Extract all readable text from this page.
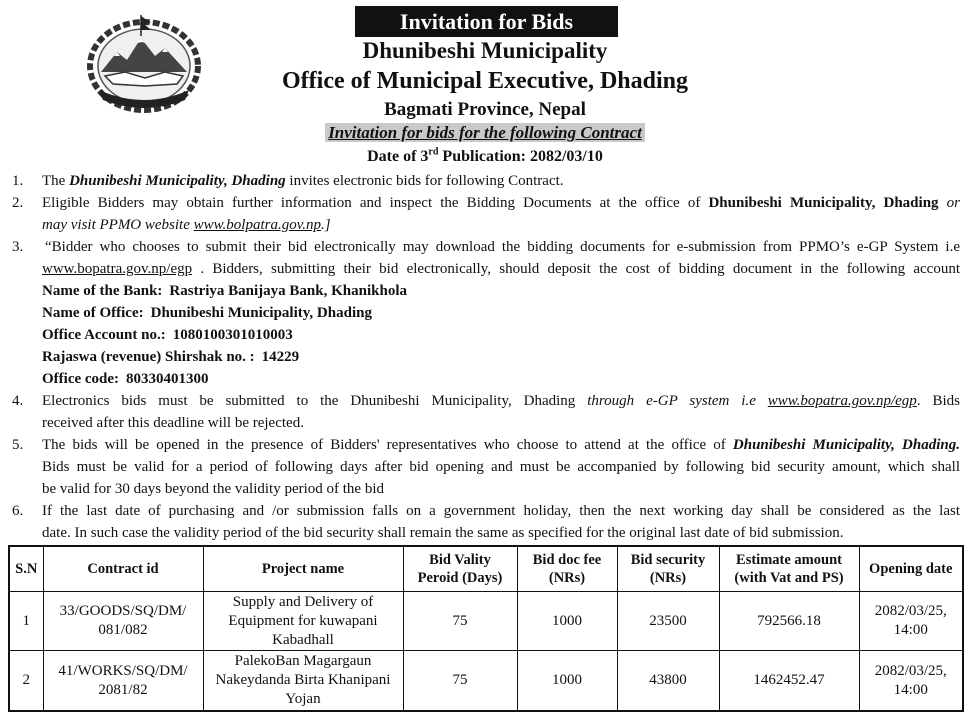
Invitation for Bids
Dhunibeshi Municipality
Office of Municipal Executive, Dhading
Bagmati Province, Nepal
Invitation for bids for the following Contract
Date of 3rd Publication: 2082/03/10
1.	The Dhunibeshi Municipality, Dhading invites electronic bids for following Contract.
2.	Eligible Bidders may obtain further information and inspect the Bidding Documents at the office of Dhunibeshi Municipality, Dhading or
may visit PPMO website www.bolpatra.gov.np.]
3.	“Bidder who chooses to submit their bid electronically may download the bidding documents for e-submission from PPMO’s e-GP System i.e
www.bopatra.gov.np/egp . Bidders, submitting their bid electronically, should deposit the cost of bidding document in the following account
Name of the Bank: Rastriya Banijaya Bank, Khanikhola
Name of Office: Dhunibeshi Municipality, Dhading
Office Account no.: 1080100301010003
Rajaswa (revenue) Shirshak no. : 14229
Office code: 80330401300
4.	Electronics bids must be submitted to the Dhunibeshi Municipality, Dhading through e-GP system i.e www.bopatra.gov.np/egp. Bids
received after this deadline will be rejected.
5.	The bids will be opened in the presence of Bidders' representatives who choose to attend at the office of Dhunibeshi Municipality, Dhading.
Bids must be valid for a period of following days after bid opening and must be accompanied by following bid security amount, which shall
be valid for 30 days beyond the validity period of the bid
6.	If the last date of purchasing and /or submission falls on a government holiday, then the next working day shall be considered as the last
date. In such case the validity period of the bid security shall remain the same as specified for the original last date of bid submission.
S.N	Contract id	Project name	Bid Vality
Peroid (Days)	Bid doc fee
(NRs)	Bid security
(NRs)	Estimate amount
(with Vat and PS)	Opening date

1	33/GOODS/SQ/DM/
081/082	Supply and Delivery of
Equipment for kuwapani
Kabadhall	75	1000	23500	792566.18	2082/03/25,
14:00

2	41/WORKS/SQ/DM/
2081/82	PalekoBan Magargaun
Nakeydanda Birta Khanipani
Yojan	75	1000	43800	1462452.47	2082/03/25,
14:00
